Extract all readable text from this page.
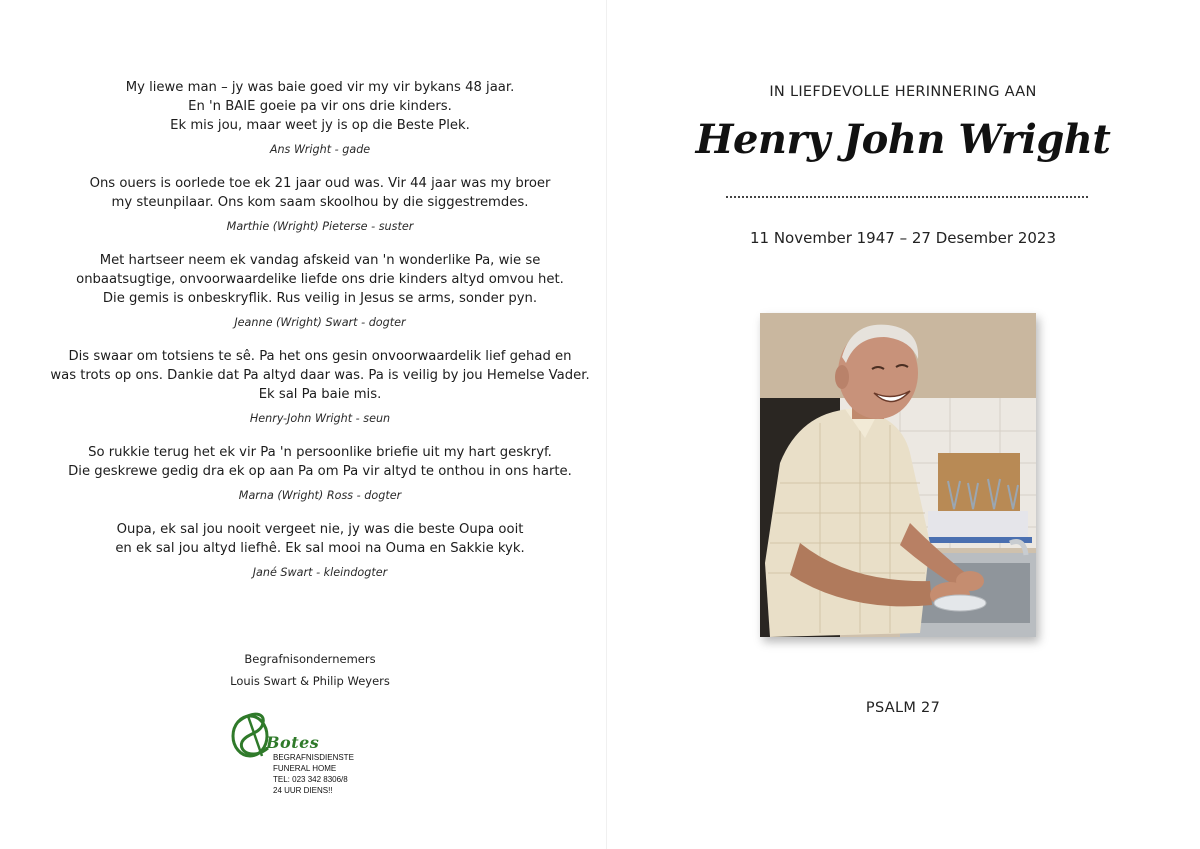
My liewe man – jy was baie goed vir my vir bykans 48 jaar.
En 'n BAIE goeie pa vir ons drie kinders.
Ek mis jou, maar weet jy is op die Beste Plek.
Ans Wright - gade
Ons ouers is oorlede toe ek 21 jaar oud was. Vir 44 jaar was my broer
my steunpilaar. Ons kom saam skoolhou by die siggestremdes.
Marthie (Wright) Pieterse - suster
Met hartseer neem ek vandag afskeid van 'n wonderlike Pa, wie se
onbaatsugtige, onvoorwaardelike liefde ons drie kinders altyd omvou het.
Die gemis is onbeskryflik. Rus veilig in Jesus se arms, sonder pyn.
Jeanne (Wright) Swart - dogter
Dis swaar om totsiens te sê. Pa het ons gesin onvoorwaardelik lief gehad en
was trots op ons. Dankie dat Pa altyd daar was. Pa is veilig by jou Hemelse Vader.
Ek sal Pa baie mis.
Henry-John Wright - seun
So rukkie terug het ek vir Pa 'n persoonlike briefie uit my hart geskryf.
Die geskrewe gedig dra ek op aan Pa om Pa vir altyd te onthou in ons harte.
Marna (Wright) Ross - dogter
Oupa, ek sal jou nooit vergeet nie, jy was die beste Oupa ooit
en ek sal jou altyd liefhê. Ek sal mooi na Ouma en Sakkie kyk.
Jané Swart - kleindogter
Begrafnisondernemers
Louis Swart & Philip Weyers
Botes
BEGRAFNISDIENSTE
FUNERAL HOME
TEL: 023 342 8306/8
24 UUR DIENS!!
IN LIEFDEVOLLE HERINNERING AAN
Henry John Wright
11 November 1947 – 27 Desember 2023
PSALM 27
